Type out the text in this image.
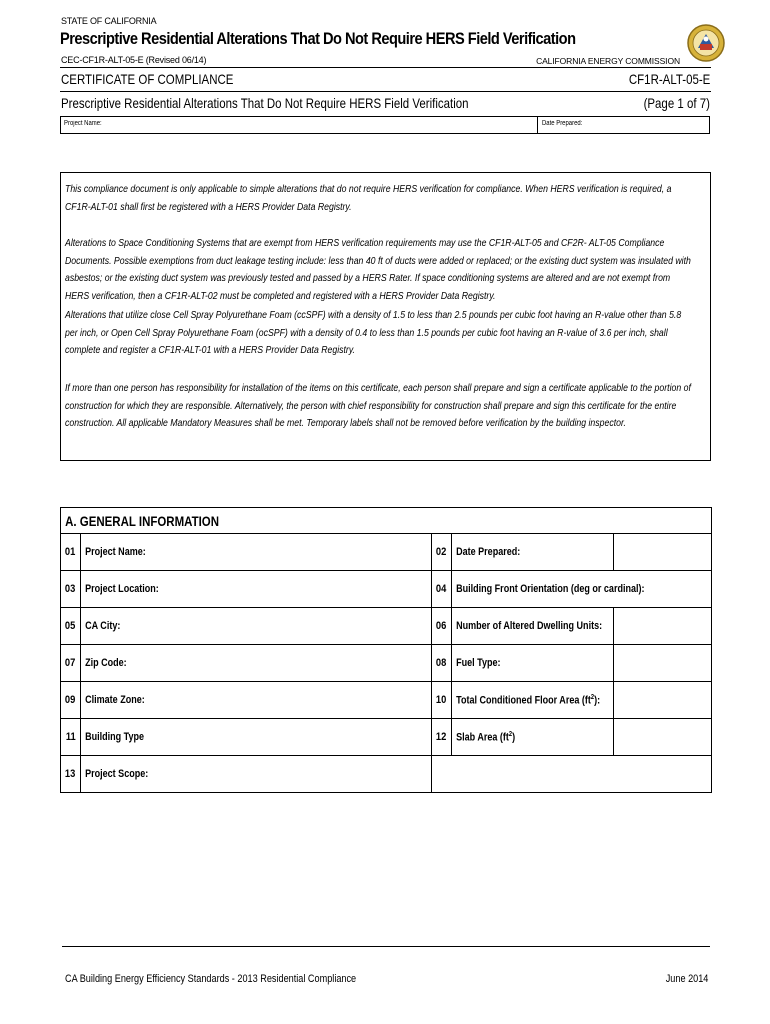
STATE OF CALIFORNIA
Prescriptive Residential Alterations That Do Not Require HERS Field Verification
CEC-CF1R-ALT-05-E (Revised 06/14)	CALIFORNIA ENERGY COMMISSION
CERTIFICATE OF COMPLIANCE	CF1R-ALT-05-E
Prescriptive Residential Alterations That Do Not Require HERS Field Verification	(Page 1 of 7)
Project Name:	Date Prepared:
This compliance document is only applicable to simple alterations that do not require HERS verification for compliance. When HERS verification is required, a CF1R-ALT-01 shall first be registered with a HERS Provider Data Registry.
Alterations to Space Conditioning Systems that are exempt from HERS verification requirements may use the CF1R-ALT-05 and CF2R- ALT-05 Compliance Documents. Possible exemptions from duct leakage testing include: less than 40 ft of ducts were added or replaced; or the existing duct system was insulated with asbestos; or the existing duct system was previously tested and passed by a HERS Rater. If space conditioning systems are altered and are not exempt from HERS verification, then a CF1R-ALT-02 must be completed and registered with a HERS Provider Data Registry.
Alterations that utilize close Cell Spray Polyurethane Foam (ccSPF) with a density of 1.5 to less than 2.5 pounds per cubic foot having an R-value other than 5.8 per inch, or Open Cell Spray Polyurethane Foam (ocSPF) with a density of 0.4 to less than 1.5 pounds per cubic foot having an R-value of 3.6 per inch, shall complete and register a CF1R-ALT-01 with a HERS Provider Data Registry.
If more than one person has responsibility for installation of the items on this certificate, each person shall prepare and sign a certificate applicable to the portion of construction for which they are responsible. Alternatively, the person with chief responsibility for construction shall prepare and sign this certificate for the entire construction. All applicable Mandatory Measures shall be met. Temporary labels shall not be removed before verification by the building inspector.
A. GENERAL INFORMATION				

01	Project Name:	02	Date Prepared:	

03	Project Location:	04	Building Front Orientation (deg or cardinal):	

05	CA City:	06	Number of Altered Dwelling Units:	

07	Zip Code:	08	Fuel Type:	

09	Climate Zone:	10	Total Conditioned Floor Area $(ft^2)$:	

11	Building Type	12	Slab Area $(ft^2)$	

13	Project Scope:			

CA Building Energy Efficiency Standards - 2013 Residential Compliance	June 2014
